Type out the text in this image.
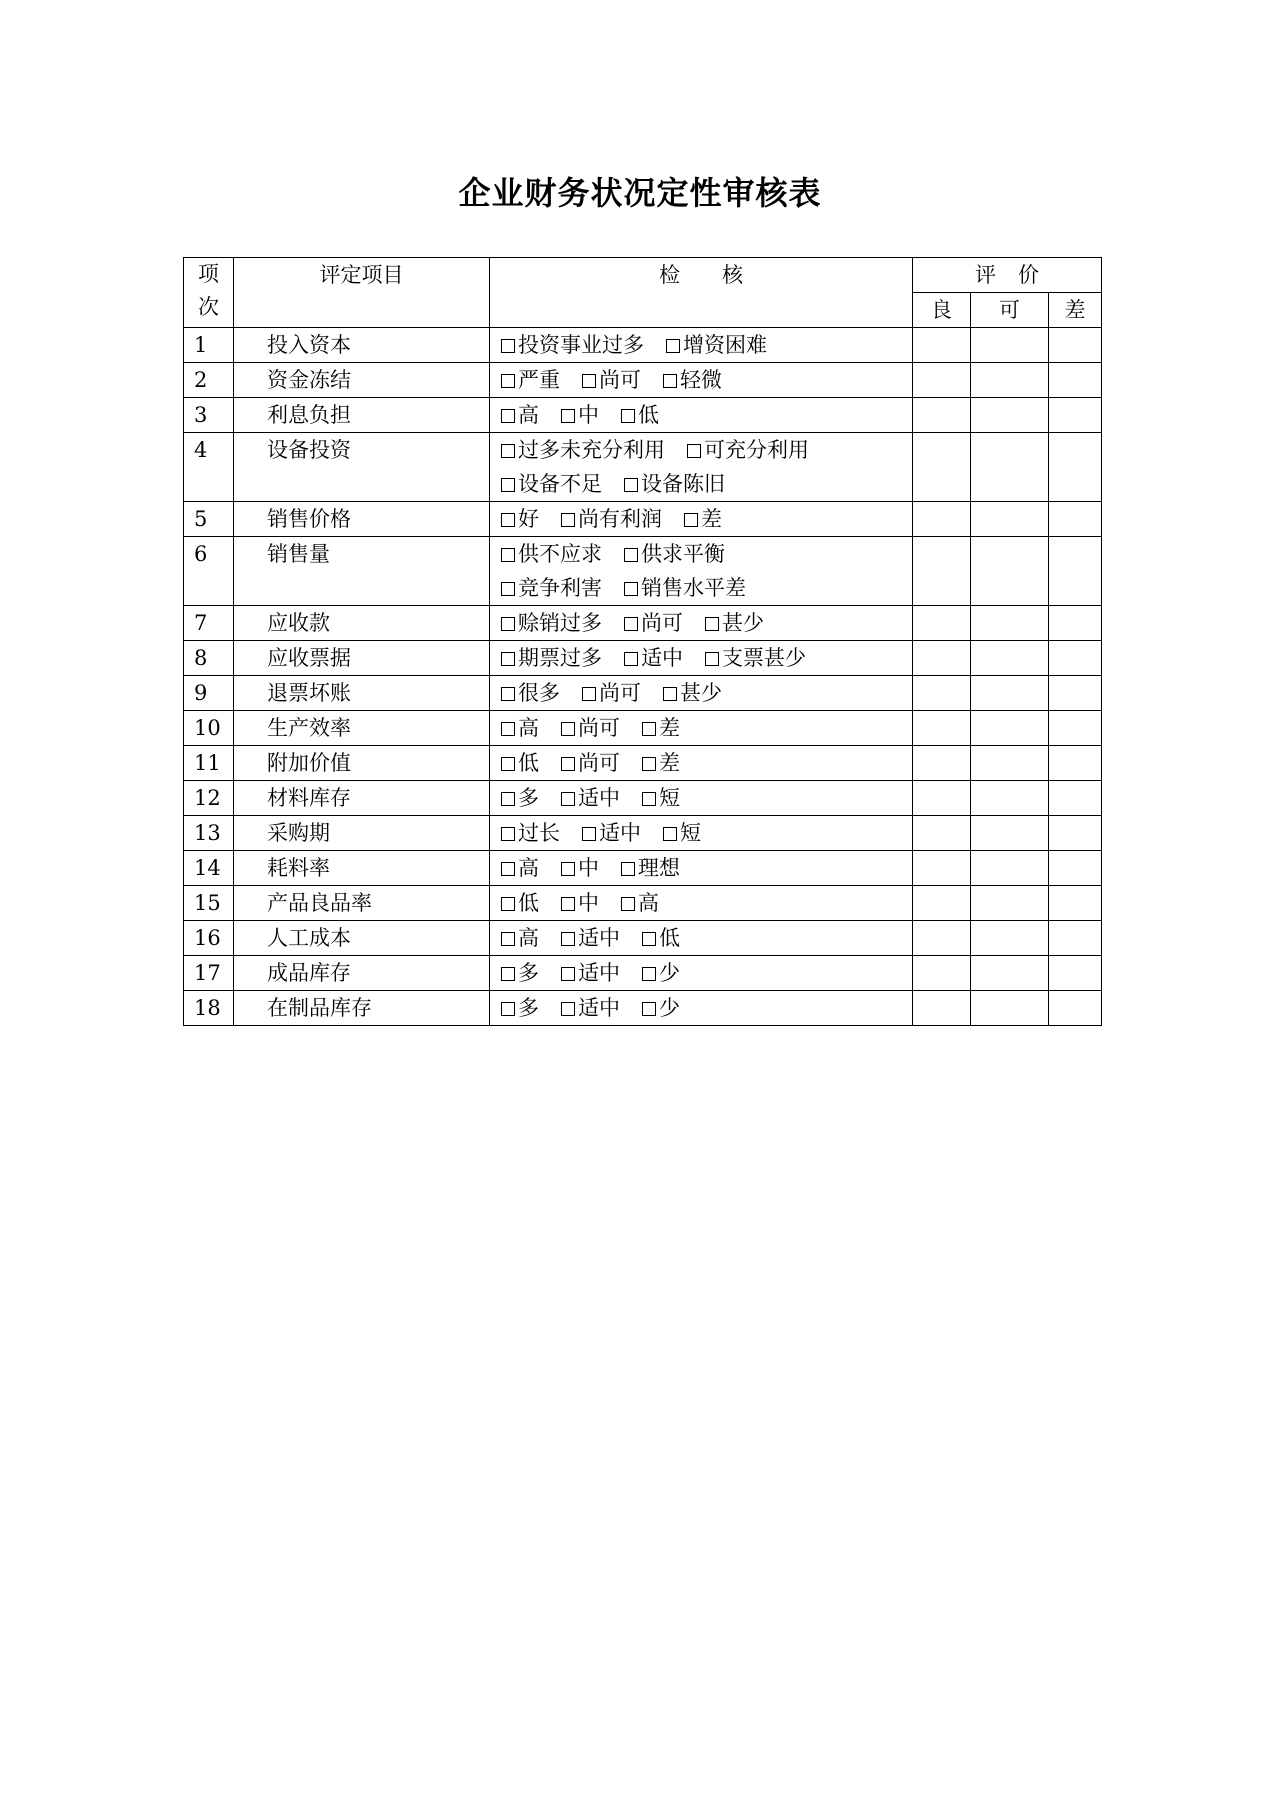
企业财务状况定性审核表
项
次	评定项目	检　　核	评价		
			良	可	差
1	投入资本	投资事业过多 增资困难			

2	资金冻结	严重 尚可 轻微			

3	利息负担	高 中 低			

4	设备投资	过多未充分利用 可充分利用
设备不足 设备陈旧			

5	销售价格	好 尚有利润 差			

6	销售量	供不应求 供求平衡
竞争利害 销售水平差			

7	应收款	赊销过多 尚可 甚少			

8	应收票据	期票过多 适中 支票甚少			

9	退票坏账	很多 尚可 甚少			

10	生产效率	高 尚可 差			

11	附加价值	低 尚可 差			

12	材料库存	多 适中 短			

13	采购期	过长 适中 短			

14	耗料率	高 中 理想			

15	产品良品率	低 中 高			

16	人工成本	高 适中 低			

17	成品库存	多 适中 少			

18	在制品库存	多 适中 少			
